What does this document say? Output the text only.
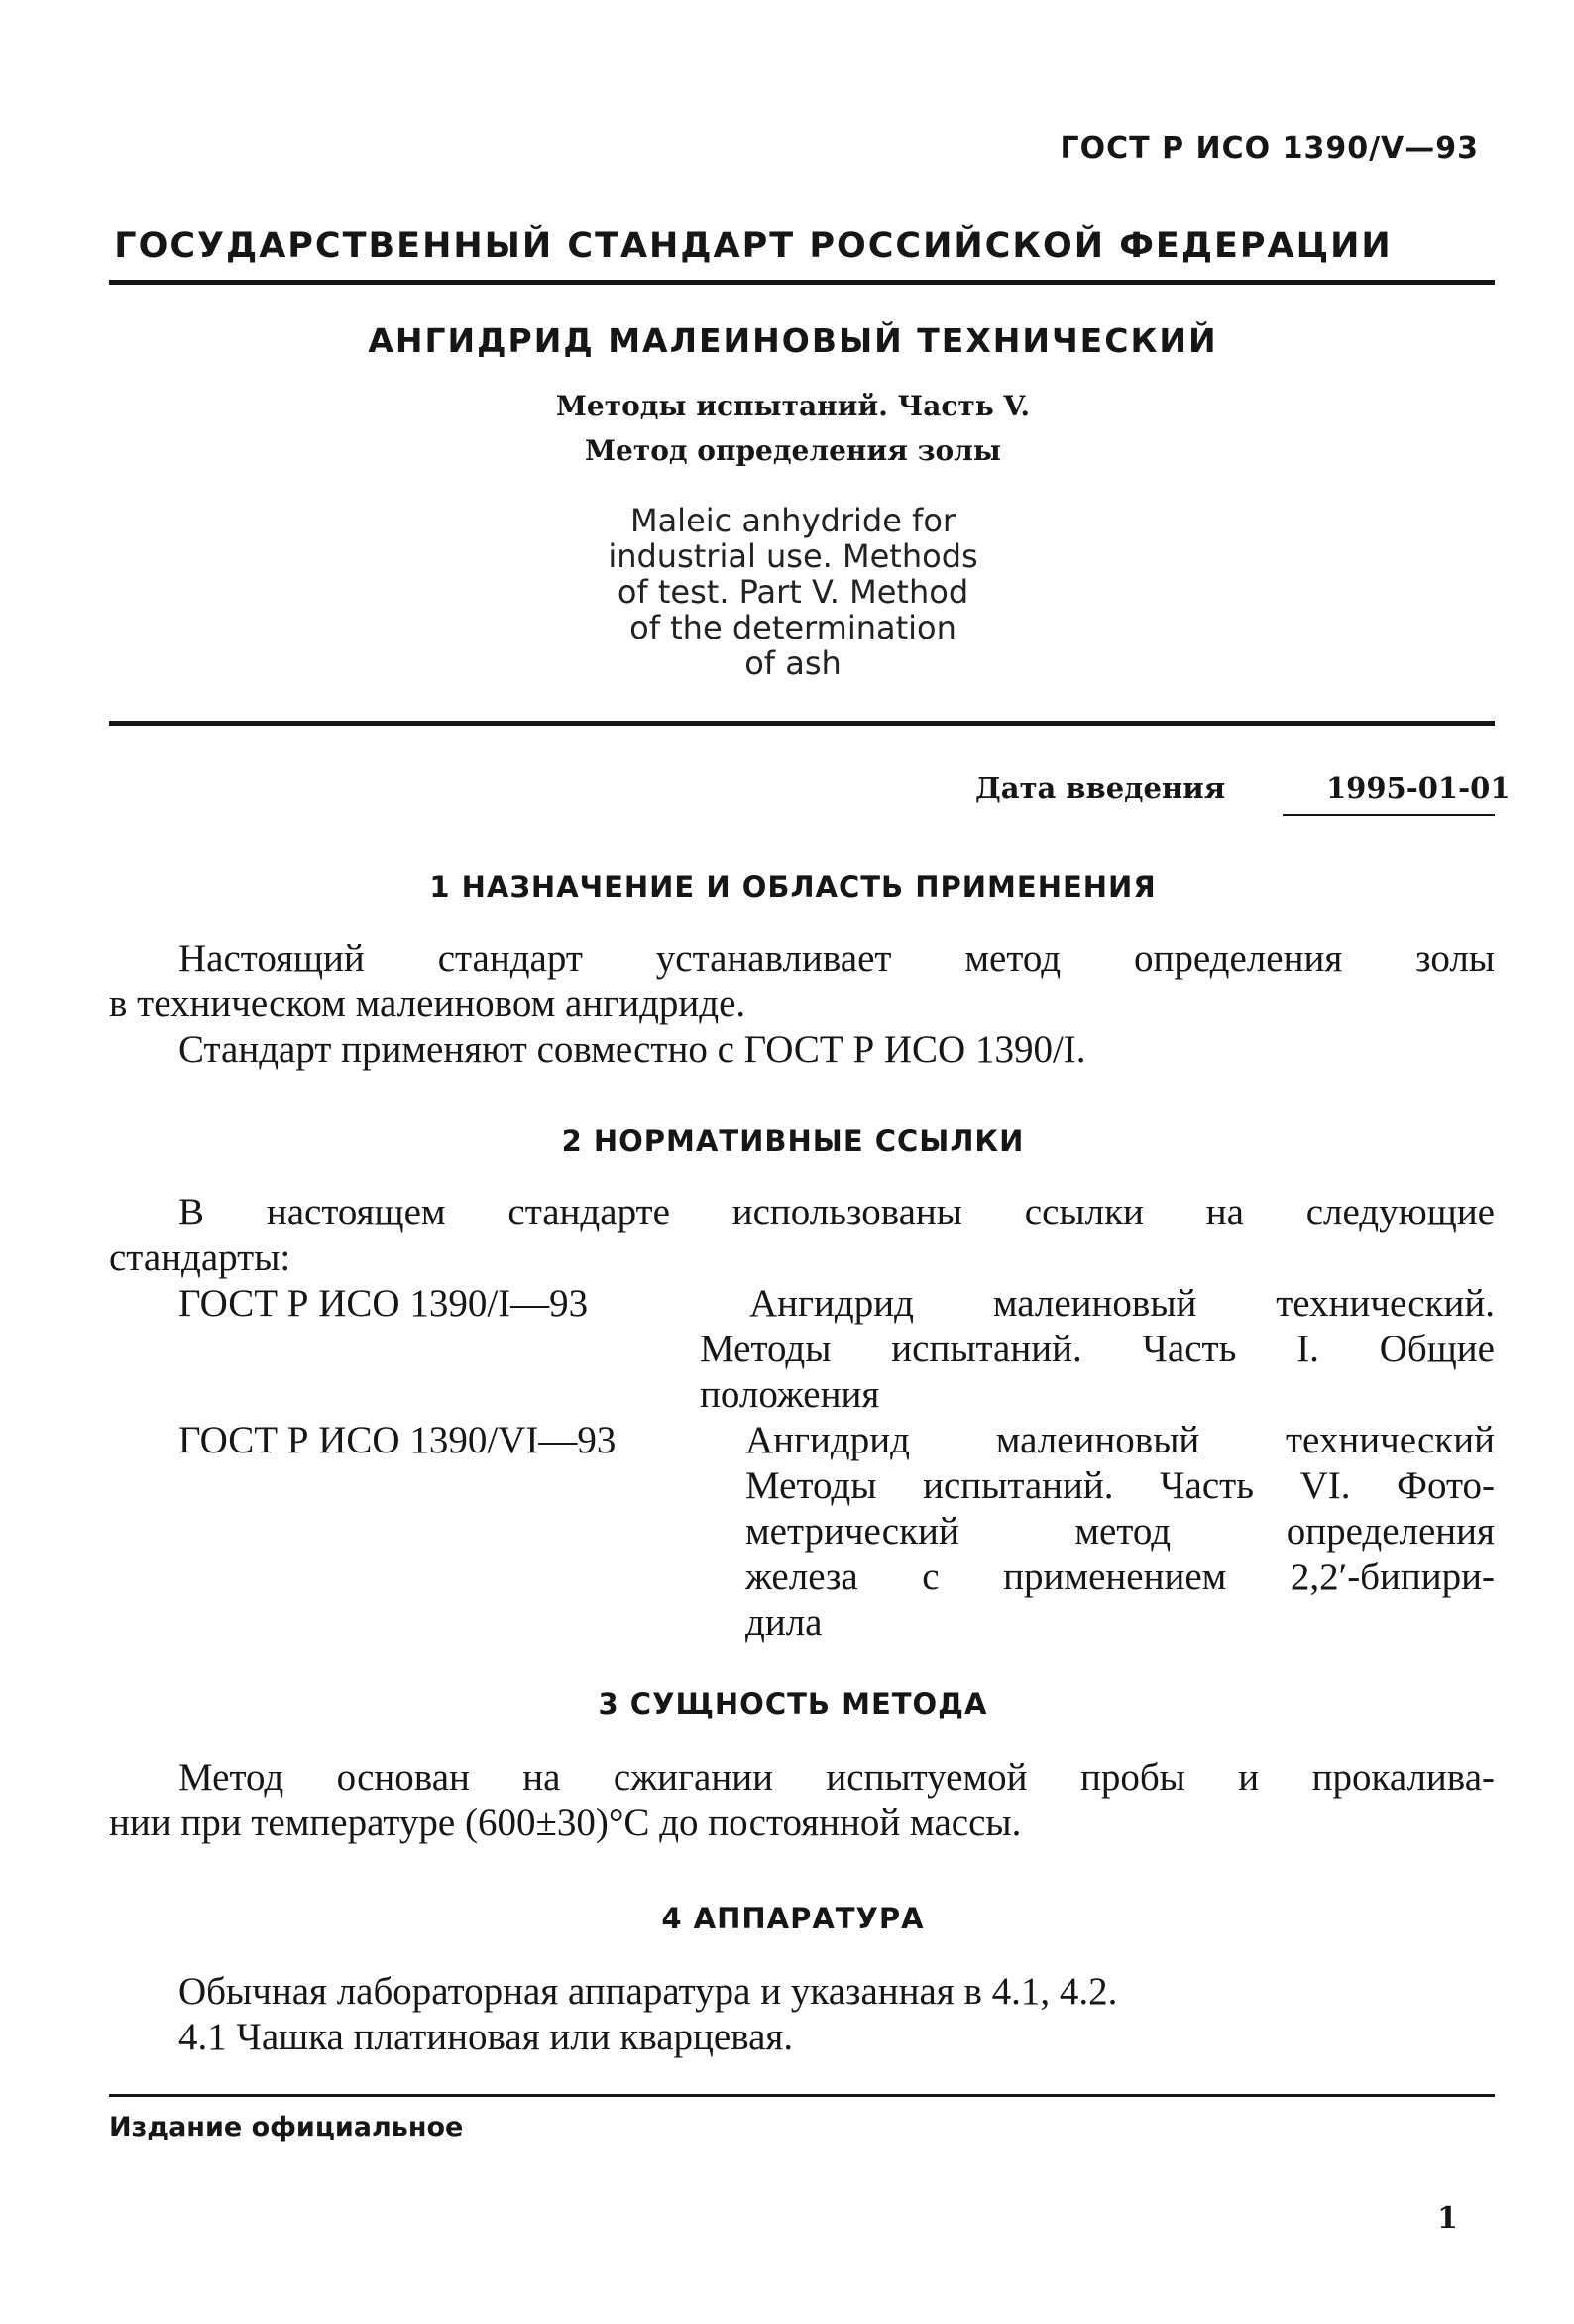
ГОСТ Р ИСО 1390/V—93
ГОСУДАРСТВЕННЫЙ СТАНДАРТ РОССИЙСКОЙ ФЕДЕРАЦИИ
АНГИДРИД МАЛЕИНОВЫЙ ТЕХНИЧЕСКИЙ
Методы испытаний. Часть V.
Метод определения золы
Maleic anhydride for
industrial use. Methods
of test. Part V. Method
of the determination
of ash
Дата введения	1995-01-01
1 НАЗНАЧЕНИЕ И ОБЛАСТЬ ПРИМЕНЕНИЯ
Настоящий стандарт устанавливает метод определения золы
в техническом малеиновом ангидриде.
Стандарт применяют совместно с ГОСТ Р ИСО 1390/I.
2 НОРМАТИВНЫЕ ССЫЛКИ
В настоящем стандарте использованы ссылки на следующие
стандарты:
ГОСТ Р ИСО 1390/I—93	Ангидрид малеиновый технический.
Методы испытаний. Часть I. Общие
положения
ГОСТ Р ИСО 1390/VI—93	Ангидрид малеиновый технический
Методы испытаний. Часть VI. Фото-
метрический метод определения
железа с применением 2,2′-бипири-
дила
3 СУЩНОСТЬ МЕТОДА
Метод основан на сжигании испытуемой пробы и прокалива-
нии при температуре (600±30)°С до постоянной массы.
4 АППАРАТУРА
Обычная лабораторная аппаратура и указанная в 4.1, 4.2.
4.1 Чашка платиновая или кварцевая.
Издание официальное
1
